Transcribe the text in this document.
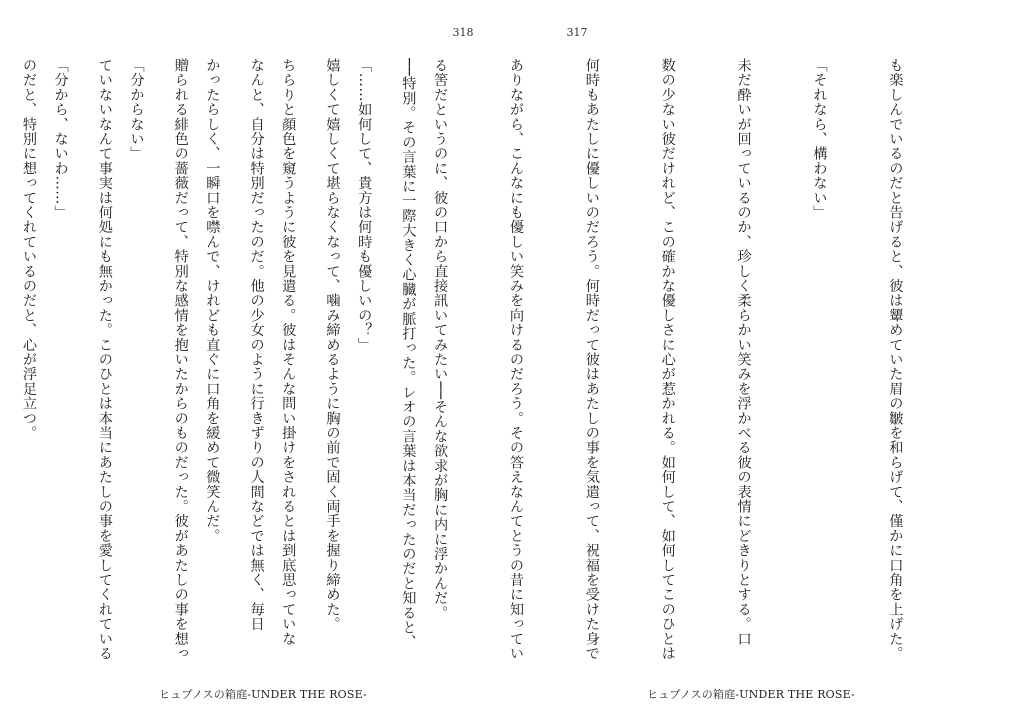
318

──特別。その言葉に一際大きく心臓が脈打った。レオの言葉は本当だったのだと知ると、

嬉しくて嬉しくて堪らなくなって、噛み締めるように胸の前で固く両手を握り締めた。

なんと、自分は特別だったのだ。他の少女のように行きずりの人間などでは無く、毎日

贈られる緋色の薔薇だって、特別な感情を抱いたからのものだった。彼があたしの事を想っ

ていないなんて事実は何処にも無かった。このひとは本当にあたしの事を愛してくれている

のだと、特別に想ってくれているのだと、心が浮足立つ。

ヒュプノスの箱庭-UNDER THE ROSE-
317

も楽しんでいるのだと告げると、彼は顰めていた眉の皺を和らげて、僅かに口角を上げた。

「それなら、構わない」

未だ酔いが回っているのか、珍しく柔らかい笑みを浮かべる彼の表情にどきりとする。口

数の少ない彼だけれど、この確かな優しさに心が惹かれる。如何して、如何してこのひとは

何時もあたしに優しいのだろう。何時だって彼はあたしの事を気遣って、祝福を受けた身で

ありながら、こんなにも優しい笑みを向けるのだろう。その答えなんてとうの昔に知ってい

る筈だというのに、彼の口から直接訊いてみたい──そんな欲求が胸に内に浮かんだ。

「……如何して、貴方は何時も優しいの？」

ちらりと顔色を窺うように彼を見遣る。彼はそんな問い掛けをされるとは到底思っていな

かったらしく、一瞬口を噤んで、けれども直ぐに口角を緩めて微笑んだ。

「分からない」

「分から、ないわ……」

ヒュプノスの箱庭-UNDER THE ROSE-
